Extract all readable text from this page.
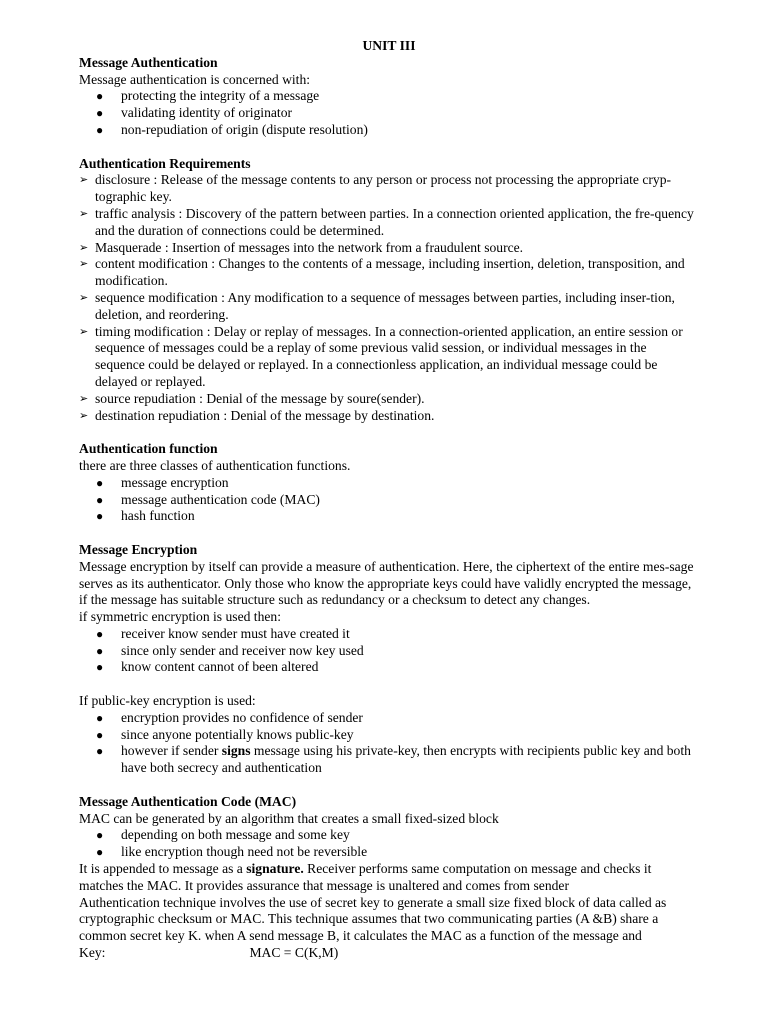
UNIT III
Message Authentication
Message authentication is concerned with:
● protecting the integrity of a message
● validating identity of originator
● non-repudiation of origin (dispute resolution)
Authentication Requirements
➢ disclosure : Release of the message contents to any person or process not processing the appropriate cryp-tographic key.
➢ traffic analysis : Discovery of the pattern between parties. In a connection oriented application, the fre-quency and the duration of connections could be determined.
➢ Masquerade : Insertion of messages into the network from a fraudulent source.
➢ content modification : Changes to the contents of a message, including insertion, deletion, transposition, and modification.
➢ sequence modification : Any modification to a sequence of messages between parties, including inser-tion, deletion, and reordering.
➢ timing modification : Delay or replay of messages. In a connection-oriented application, an entire session or sequence of messages could be a replay of some previous valid session, or individual messages in the sequence could be delayed or replayed. In a connectionless application, an individual message could be delayed or replayed.
➢ source repudiation : Denial of the message by soure(sender).
➢ destination repudiation : Denial of the message by destination.
Authentication function
there are three classes of authentication functions.
● message encryption
● message authentication code (MAC)
● hash function
Message Encryption
Message encryption by itself can provide a measure of authentication. Here, the ciphertext of the entire mes-sage serves as its authenticator. Only those who know the appropriate keys could have validly encrypted the message, if the message has suitable structure such as redundancy or a checksum to detect any changes.
if symmetric encryption is used then:
● receiver know sender must have created it
● since only sender and receiver now key used
● know content cannot of been altered
If public-key encryption is used:
● encryption provides no confidence of sender
● since anyone potentially knows public-key
● however if sender signs message using his private-key, then encrypts with recipients public key and both have both secrecy and authentication
Message Authentication Code (MAC)
MAC can be generated by an algorithm that creates a small fixed-sized block
● depending on both message and some key
● like encryption though need not be reversible
It is appended to message as a signature. Receiver performs same computation on message and checks it matches the MAC. It provides assurance that message is unaltered and comes from sender
Authentication technique involves the use of secret key to generate a small size fixed block of data called as cryptographic checksum or MAC. This technique assumes that two communicating parties (A &B) share a common secret key K. when A send message B, it calculates the MAC as a function of the message and
Key:	MAC = C(K,M)
